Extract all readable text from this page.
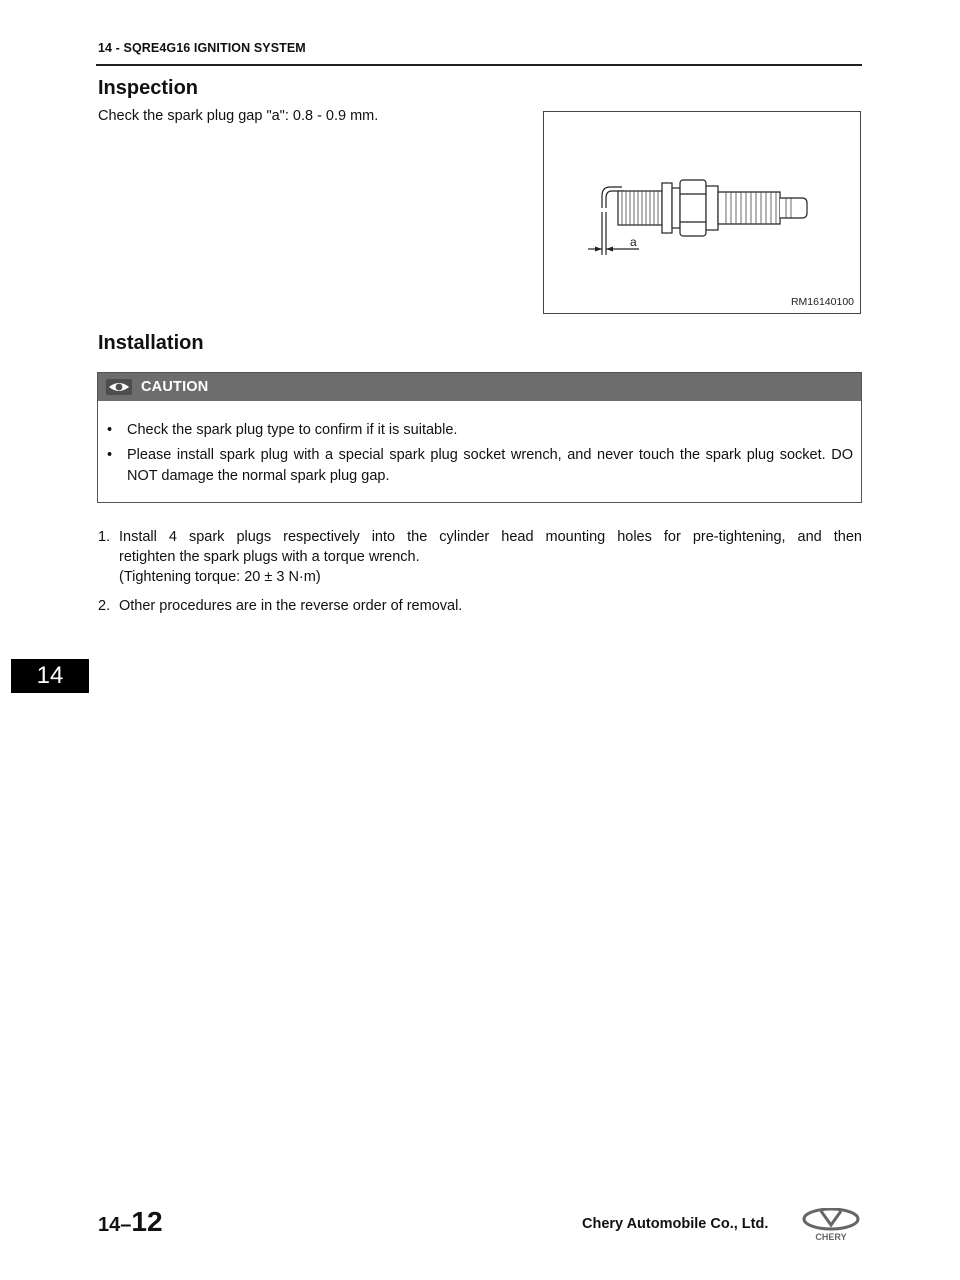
14 - SQRE4G16 IGNITION SYSTEM
Inspection
Check the spark plug gap "a": 0.8 - 0.9 mm.
a
RM16140100
Installation
CAUTION
• Check the spark plug type to confirm if it is suitable.
• Please install spark plug with a special spark plug socket wrench, and never touch the spark plug socket. DO NOT damage the normal spark plug gap.
1. Install 4 spark plugs respectively into the cylinder head mounting holes for pre-tightening, and then
retighten the spark plugs with a torque wrench.
(Tightening torque: 20 ± 3 N·m)
2. Other procedures are in the reverse order of removal.
14
14–12	Chery Automobile Co., Ltd.
CHERY
